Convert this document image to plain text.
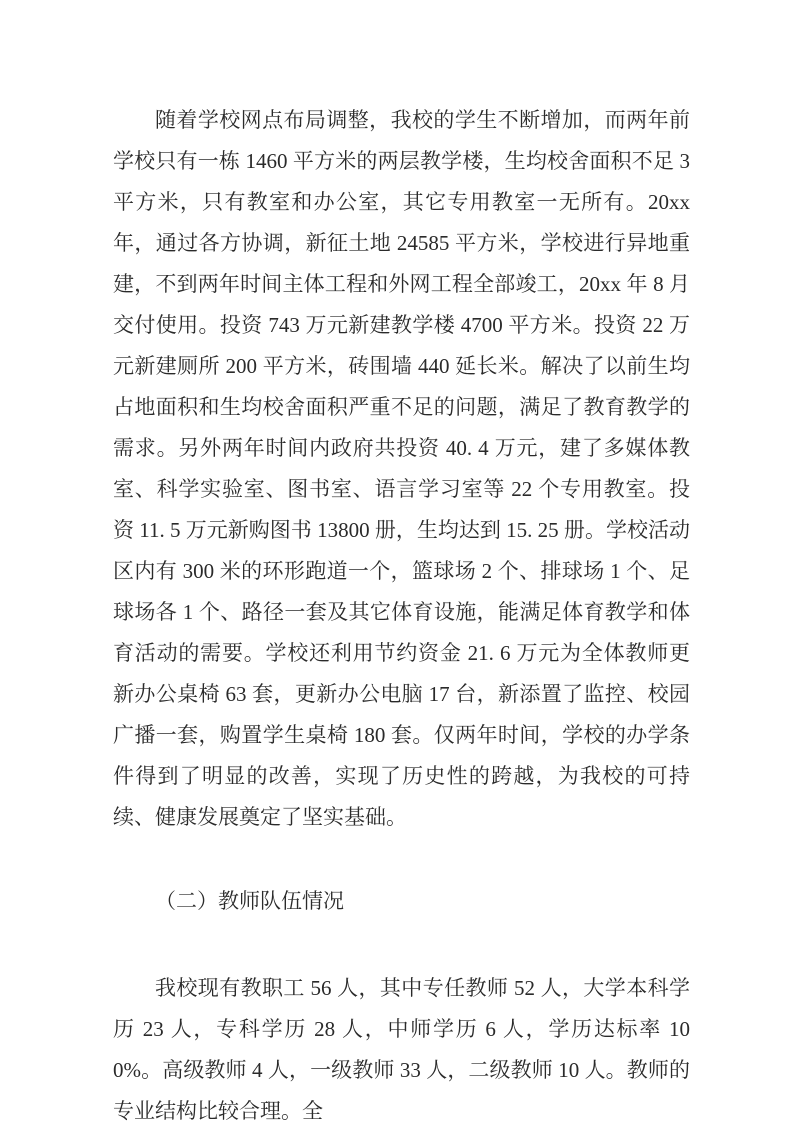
随着学校网点布局调整，我校的学生不断增加，而两年前学校只有一栋 1460 平方米的两层教学楼，生均校舍面积不足 3 平方米，只有教室和办公室，其它专用教室一无所有。20xx 年，通过各方协调，新征土地 24585 平方米，学校进行异地重建，不到两年时间主体工程和外网工程全部竣工，20xx 年 8 月交付使用。投资 743 万元新建教学楼 4700 平方米。投资 22 万元新建厕所 200 平方米，砖围墙 440 延长米。解决了以前生均占地面积和生均校舍面积严重不足的问题，满足了教育教学的需求。另外两年时间内政府共投资 40. 4 万元，建了多媒体教室、科学实验室、图书室、语言学习室等 22 个专用教室。投资 11. 5 万元新购图书 13800 册，生均达到 15. 25 册。学校活动区内有 300 米的环形跑道一个，篮球场 2 个、排球场 1 个、足球场各 1 个、路径一套及其它体育设施，能满足体育教学和体育活动的需要。学校还利用节约资金 21. 6 万元为全体教师更新办公桌椅 63 套，更新办公电脑 17 台，新添置了监控、校园广播一套，购置学生桌椅 180 套。仅两年时间，学校的办学条件得到了明显的改善，实现了历史性的跨越，为我校的可持续、健康发展奠定了坚实基础。

（二）教师队伍情况

我校现有教职工 56 人，其中专任教师 52 人，大学本科学历 23 人，专科学历 28 人，中师学历 6 人，学历达标率 100%。高级教师 4 人，一级教师 33 人，二级教师 10 人。教师的专业结构比较合理。全
